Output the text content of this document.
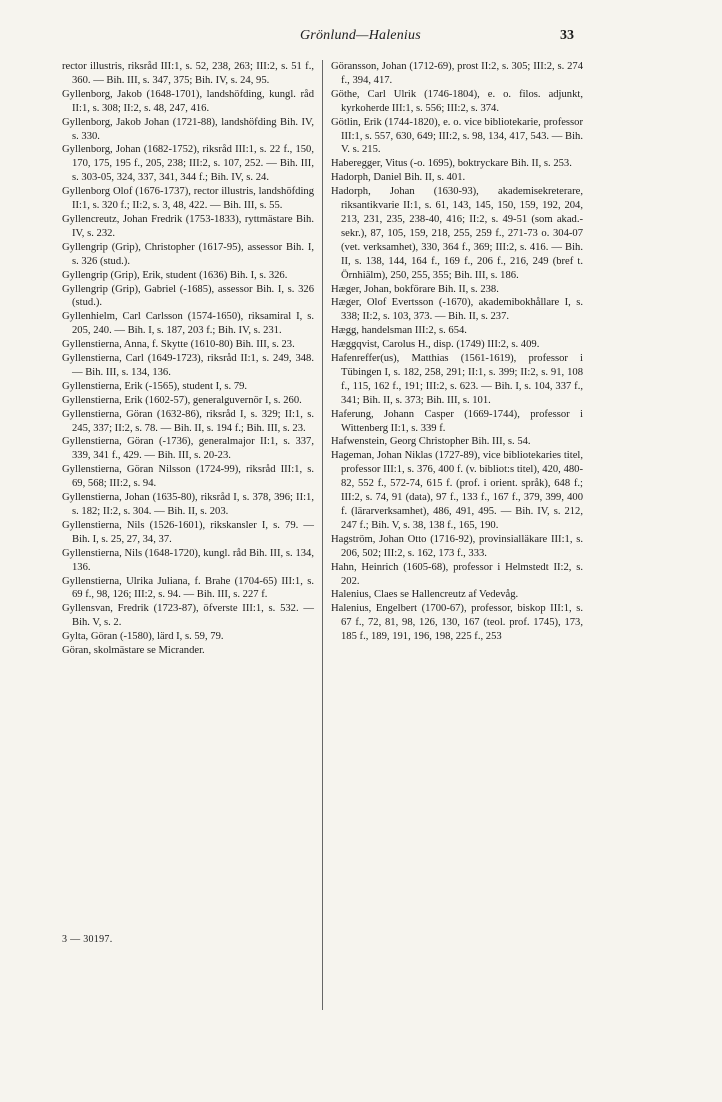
Grönlund—Halenius	33

rector illustris, riksråd III:1, s. 52, 238, 263; III:2, s. 51 f., 360. — Bih. III, s. 347, 375; Bih. IV, s. 24, 95.

Gyllenborg, Jakob (1648-1701), landshöfding, kungl. råd II:1, s. 308; II:2, s. 48, 247, 416.

Gyllenborg, Jakob Johan (1721-88), landshöfding Bih. IV, s. 330.

Gyllenborg, Johan (1682-1752), riksråd III:1, s. 22 f., 150, 170, 175, 195 f., 205, 238; III:2, s. 107, 252. — Bih. III, s. 303-05, 324, 337, 341, 344 f.; Bih. IV, s. 24.

Gyllenborg Olof (1676-1737), rector illustris, landshöfding II:1, s. 320 f.; II:2, s. 3, 48, 422. — Bih. III, s. 55.

Gyllencreutz, Johan Fredrik (1753-1833), ryttmästare Bih. IV, s. 232.

Gyllengrip (Grip), Christopher (1617-95), assessor Bih. I, s. 326 (stud.).

Gyllengrip (Grip), Erik, student (1636) Bih. I, s. 326.

Gyllengrip (Grip), Gabriel (-1685), assessor Bih. I, s. 326 (stud.).

Gyllenhielm, Carl Carlsson (1574-1650), riksamiral I, s. 205, 240. — Bih. I, s. 187, 203 f.; Bih. IV, s. 231.

Gyllenstierna, Anna, f. Skytte (1610-80) Bih. III, s. 23.

Gyllenstierna, Carl (1649-1723), riksråd II:1, s. 249, 348. — Bih. III, s. 134, 136.

Gyllenstierna, Erik (-1565), student I, s. 79.

Gyllenstierna, Erik (1602-57), generalguvernör I, s. 260.

Gyllenstierna, Göran (1632-86), riksråd I, s. 329; II:1, s. 245, 337; II:2, s. 78. — Bih. II, s. 194 f.; Bih. III, s. 23.

Gyllenstierna, Göran (-1736), generalmajor II:1, s. 337, 339, 341 f., 429. — Bih. III, s. 20-23.

Gyllenstierna, Göran Nilsson (1724-99), riksråd III:1, s. 69, 568; III:2, s. 94.

Gyllenstierna, Johan (1635-80), riksråd I, s. 378, 396; II:1, s. 182; II:2, s. 304. — Bih. II, s. 203.

Gyllenstierna, Nils (1526-1601), rikskansler I, s. 79. — Bih. I, s. 25, 27, 34, 37.

Gyllenstierna, Nils (1648-1720), kungl. råd Bih. III, s. 134, 136.

Gyllenstierna, Ulrika Juliana, f. Brahe (1704-65) III:1, s. 69 f., 98, 126; III:2, s. 94. — Bih. III, s. 227 f.

Gyllensvan, Fredrik (1723-87), öfverste III:1, s. 532. — Bih. V, s. 2.

Gylta, Göran (-1580), lärd I, s. 59, 79.

Göran, skolmästare se Micrander.

Göransson, Johan (1712-69), prost II:2, s. 305; III:2, s. 274 f., 394, 417.

Göthe, Carl Ulrik (1746-1804), e. o. filos. adjunkt, kyrkoherde III:1, s. 556; III:2, s. 374.

Götlin, Erik (1744-1820), e. o. vice bibliotekarie, professor III:1, s. 557, 630, 649; III:2, s. 98, 134, 417, 543. — Bih. V. s. 215.

Haberegger, Vitus (-o. 1695), boktryckare Bih. II, s. 253.

Hadorph, Daniel Bih. II, s. 401.

Hadorph, Johan (1630-93), akademisekreterare, riksantikvarie II:1, s. 61, 143, 145, 150, 159, 192, 204, 213, 231, 235, 238-40, 416; II:2, s. 49-51 (som akad.-sekr.), 87, 105, 159, 218, 255, 259 f., 271-73 o. 304-07 (vet. verksamhet), 330, 364 f., 369; III:2, s. 416. — Bih. II, s. 138, 144, 164 f., 169 f., 206 f., 216, 249 (bref t. Örnhiälm), 250, 255, 355; Bih. III, s. 186.

Hæger, Johan, bokförare Bih. II, s. 238.

Hæger, Olof Evertsson (-1670), akademibokhållare I, s. 338; II:2, s. 103, 373. — Bih. II, s. 237.

Hægg, handelsman III:2, s. 654.

Hæggqvist, Carolus H., disp. (1749) III:2, s. 409.

Hafenreffer(us), Matthias (1561-1619), professor i Tübingen I, s. 182, 258, 291; II:1, s. 399; II:2, s. 91, 108 f., 115, 162 f., 191; III:2, s. 623. — Bih. I, s. 104, 337 f., 341; Bih. II, s. 373; Bih. III, s. 101.

Haferung, Johann Casper (1669-1744), professor i Wittenberg II:1, s. 339 f.

Hafwenstein, Georg Christopher Bih. III, s. 54.

Hageman, Johan Niklas (1727-89), vice bibliotekaries titel, professor III:1, s. 376, 400 f. (v. bibliot:s titel), 420, 480-82, 552 f., 572-74, 615 f. (prof. i orient. språk), 648 f.; III:2, s. 74, 91 (data), 97 f., 133 f., 167 f., 379, 399, 400 f. (lärarverksamhet), 486, 491, 495. — Bih. IV, s. 212, 247 f.; Bih. V, s. 38, 138 f., 165, 190.

Hagström, Johan Otto (1716-92), provinsialläkare III:1, s. 206, 502; III:2, s. 162, 173 f., 333.

Hahn, Heinrich (1605-68), professor i Helmstedt II:2, s. 202.

Halenius, Claes se Hallencreutz af Vedevåg.

Halenius, Engelbert (1700-67), professor, biskop III:1, s. 67 f., 72, 81, 98, 126, 130, 167 (teol. prof. 1745), 173, 185 f., 189, 191, 196, 198, 225 f., 253

3 — 30197.
